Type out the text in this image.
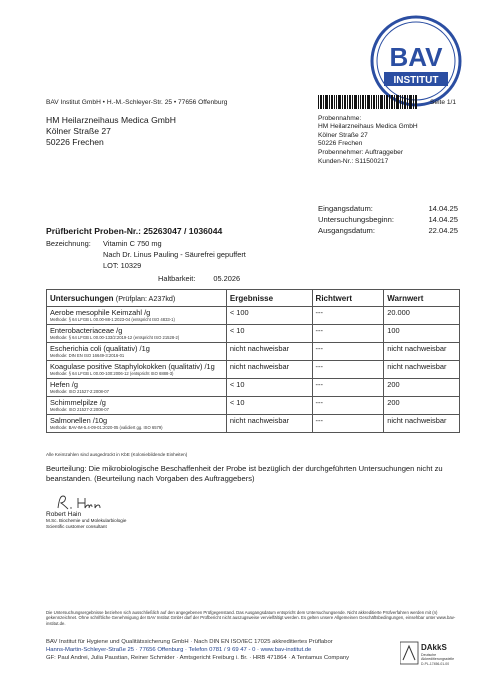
BAV
INSTITUT
BAV Institut GmbH • H.-M.-Schleyer-Str. 25 • 77656 Offenburg	Seite 1/1
HM Heilarzneihaus Medica GmbH
Kölner Straße 27
50226 Frechen
Probennahme:
HM Heilarzneihaus Medica GmbH
Kölner Straße 27
50226 Frechen
Probennehmer: Auftraggeber
Kunden-Nr.: S11500217
Eingangsdatum:	14.04.25
Untersuchungsbeginn:	14.04.25
Ausgangsdatum:	22.04.25
Prüfbericht Proben-Nr.: 25263047 / 1036044
Bezeichnung:	Vitamin C 750 mg
Nach Dr. Linus Pauling - Säurefrei gepuffert
LOT: 10329
Haltbarkeit: 05.2026
Untersuchungen (Prüfplan: A237kd)	Ergebnisse	Richtwert	Warnwert

Aerobe mesophile Keimzahl /g
Methode: § 64 LFGB L 00.00-88-1:2023-04 (entspricht ISO 4833-1)	< 100	---	20.000

Enterobacteriaceae /g
Methode: § 64 LFGB L 00.00-133/2:2019-12 (entspricht ISO 21528-2)	< 10	---	100

Escherichia coli (qualitativ) /1g
Methode: DIN EN ISO 16649-3:2016-01	nicht nachweisbar	---	nicht nachweisbar

Koagulase positive Staphylokokken (qualitativ) /1g
Methode: § 64 LFGB L 00.00-100:2006-12 (entspricht ISO 6888-3)	nicht nachweisbar	---	nicht nachweisbar

Hefen /g
Methode: ISO 21527-2:2008-07	< 10	---	200

Schimmelpilze /g
Methode: ISO 21527-2:2008-07	< 10	---	200

Salmonellen /10g
Methode: BAV-IM-5.4-09-01:2020-05 (validiert gg. ISO 6579)	nicht nachweisbar	---	nicht nachweisbar
Alle Keimzahlen sind ausgedrückt in KbE (Koloniebildende Einheiten)
Beurteilung: Die mikrobiologische Beschaffenheit der Probe ist bezüglich der durchgeführten Untersuchungen nicht zu beanstanden. (Beurteilung nach Vorgaben des Auftraggebers)
Robert Hain
M.Sc. Biochemie und Molekularbiologie
Scientific customer consultant
Die Untersuchungsergebnisse beziehen sich ausschließlich auf den angegebenen Prüfgegenstand. Das Ausgangsdatum entspricht dem Untersuchungsende. Nicht akkreditierte Prüfverfahren werden mit (n) gekennzeichnet. Ohne schriftliche Genehmigung der BAV Institut GmbH darf der Prüfbericht nicht auszugsweise vervielfältigt werden. Es gelten unsere Allgemeinen Geschäftsbedingungen, einsehbar unter www.bav-institut.de.
BAV Institut für Hygiene und Qualitätssicherung GmbH · Nach DIN EN ISO/IEC 17025 akkreditiertes Prüflabor
Hanns-Martin-Schleyer-Straße 25 · 77656 Offenburg · Telefon 0781 / 9 69 47 - 0 · www.bav-institut.de
GF: Paul Andrei, Julia Paustian, Reiner Schmider · Amtsgericht Freiburg i. Br. · HRB 471864 · A Tentamus Company
DAkkS
Deutsche
Akkreditierungsstelle
D-PL-17456-01-00
